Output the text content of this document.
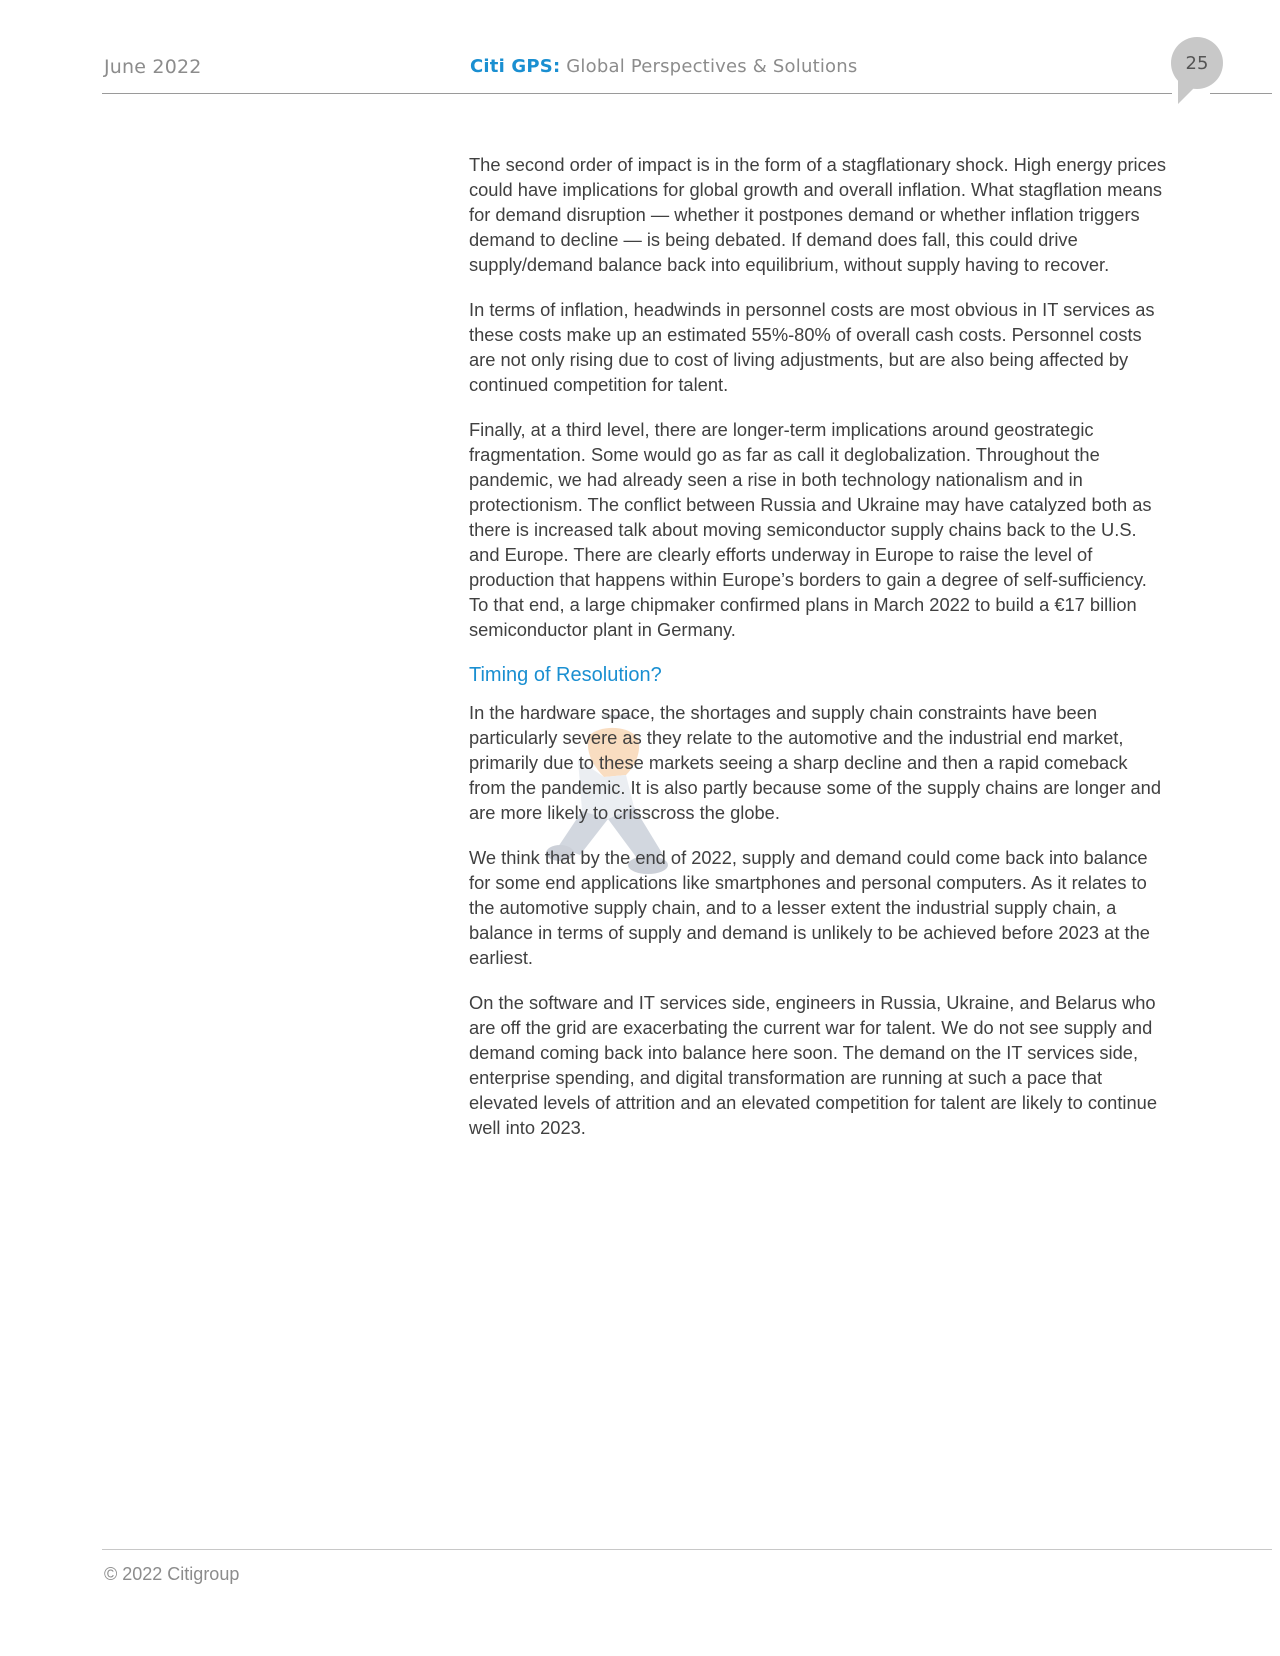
June 2022	Citi GPS: Global Perspectives & Solutions	25

The second order of impact is in the form of a stagflationary shock. High energy prices could have implications for global growth and overall inflation. What stagflation means for demand disruption — whether it postpones demand or whether inflation triggers demand to decline — is being debated. If demand does fall, this could drive supply/demand balance back into equilibrium, without supply having to recover.

In terms of inflation, headwinds in personnel costs are most obvious in IT services as these costs make up an estimated 55%-80% of overall cash costs. Personnel costs are not only rising due to cost of living adjustments, but are also being affected by continued competition for talent.

Finally, at a third level, there are longer-term implications around geostrategic fragmentation. Some would go as far as call it deglobalization. Throughout the pandemic, we had already seen a rise in both technology nationalism and in protectionism. The conflict between Russia and Ukraine may have catalyzed both as there is increased talk about moving semiconductor supply chains back to the U.S. and Europe. There are clearly efforts underway in Europe to raise the level of production that happens within Europe’s borders to gain a degree of self-sufficiency. To that end, a large chipmaker confirmed plans in March 2022 to build a €17 billion semiconductor plant in Germany.

Timing of Resolution?

In the hardware space, the shortages and supply chain constraints have been particularly severe as they relate to the automotive and the industrial end market, primarily due to these markets seeing a sharp decline and then a rapid comeback from the pandemic. It is also partly because some of the supply chains are longer and are more likely to crisscross the globe.

We think that by the end of 2022, supply and demand could come back into balance for some end applications like smartphones and personal computers. As it relates to the automotive supply chain, and to a lesser extent the industrial supply chain, a balance in terms of supply and demand is unlikely to be achieved before 2023 at the earliest.

On the software and IT services side, engineers in Russia, Ukraine, and Belarus who are off the grid are exacerbating the current war for talent. We do not see supply and demand coming back into balance here soon. The demand on the IT services side, enterprise spending, and digital transformation are running at such a pace that elevated levels of attrition and an elevated competition for talent are likely to continue well into 2023.

© 2022 Citigroup
